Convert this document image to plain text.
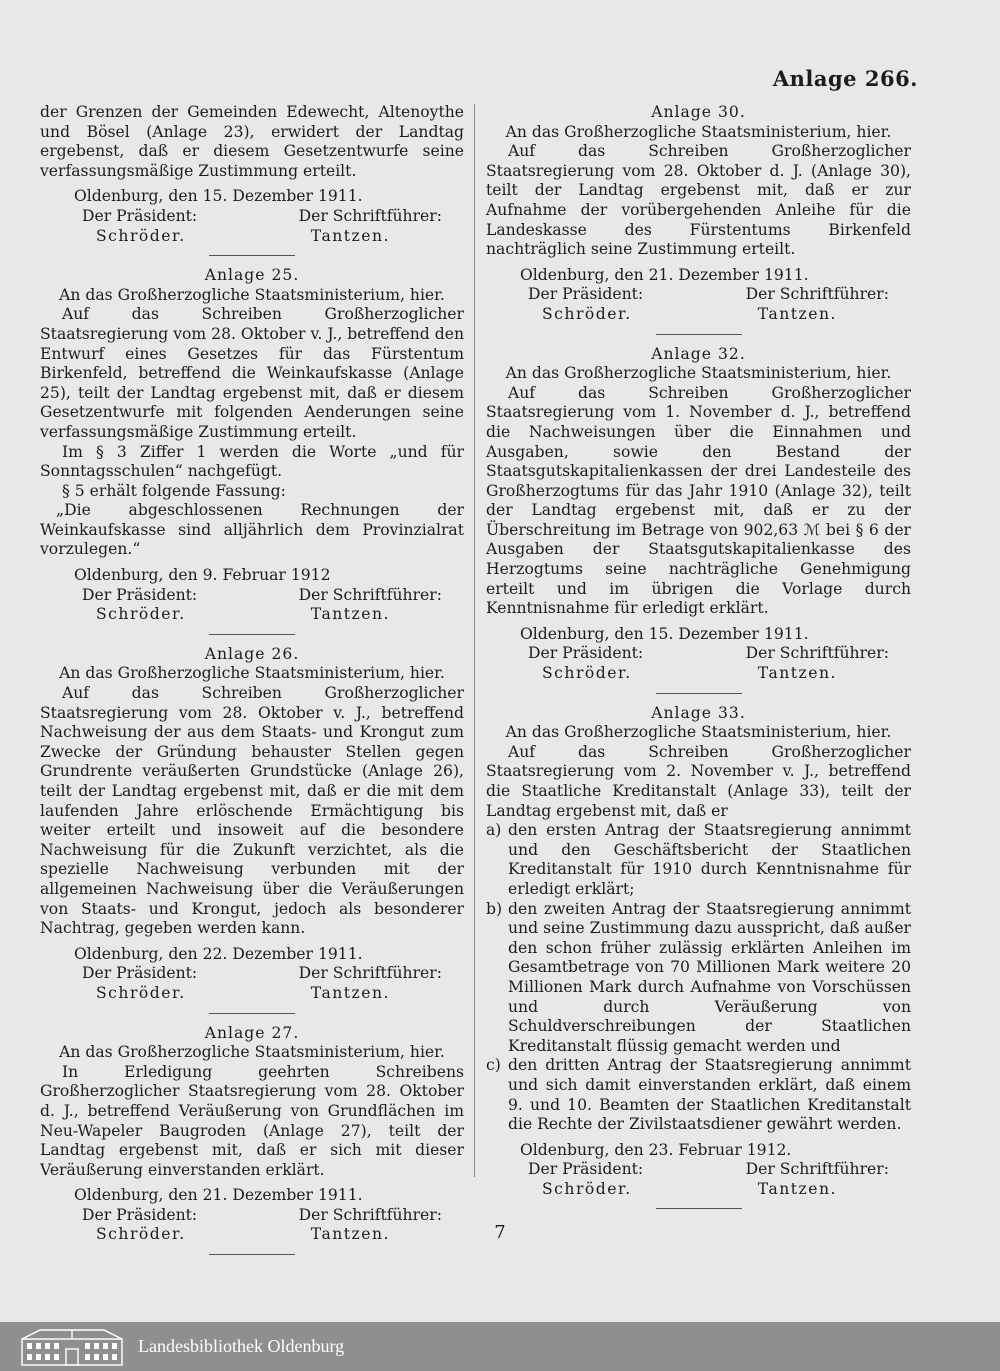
Anlage 266.

der Grenzen der Gemeinden Edewecht, Altenoythe und Bösel (Anlage 23), erwidert der Landtag ergebenst, daß er diesem Gesetzentwurfe seine verfassungsmäßige Zustimmung erteilt.

Oldenburg, den 15. Dezember 1911.

Der Präsident:	Der Schriftführer:
Schröder.	Tantzen.

Anlage 25.

An das Großherzogliche Staatsministerium, hier.

Auf das Schreiben Großherzoglicher Staatsregierung vom 28. Oktober v. J., betreffend den Entwurf eines Gesetzes für das Fürstentum Birkenfeld, betreffend die Weinkaufskasse (Anlage 25), teilt der Landtag ergebenst mit, daß er diesem Gesetzentwurfe mit folgenden Aenderungen seine verfassungsmäßige Zustimmung erteilt.

Im § 3 Ziffer 1 werden die Worte „und für Sonntagsschulen“ nachgefügt.

§ 5 erhält folgende Fassung:

„Die abgeschlossenen Rechnungen der Weinkaufskasse sind alljährlich dem Provinzialrat vorzulegen.“

Oldenburg, den 9. Februar 1912

Der Präsident:	Der Schriftführer:
Schröder.	Tantzen.

Anlage 26.

An das Großherzogliche Staatsministerium, hier.

Auf das Schreiben Großherzoglicher Staatsregierung vom 28. Oktober v. J., betreffend Nachweisung der aus dem Staats- und Krongut zum Zwecke der Gründung behauster Stellen gegen Grundrente veräußerten Grundstücke (Anlage 26), teilt der Landtag ergebenst mit, daß er die mit dem laufenden Jahre erlöschende Ermächtigung bis weiter erteilt und insoweit auf die besondere Nachweisung für die Zukunft verzichtet, als die spezielle Nachweisung verbunden mit der allgemeinen Nachweisung über die Veräußerungen von Staats- und Krongut, jedoch als besonderer Nachtrag, gegeben werden kann.

Oldenburg, den 22. Dezember 1911.

Der Präsident:	Der Schriftführer:
Schröder.	Tantzen.

Anlage 27.

An das Großherzogliche Staatsministerium, hier.

In Erledigung geehrten Schreibens Großherzoglicher Staatsregierung vom 28. Oktober d. J., betreffend Veräußerung von Grundflächen im Neu-Wapeler Baugroden (Anlage 27), teilt der Landtag ergebenst mit, daß er sich mit dieser Veräußerung einverstanden erklärt.

Oldenburg, den 21. Dezember 1911.

Der Präsident:	Der Schriftführer:
Schröder.	Tantzen.

Anlage 30.

An das Großherzogliche Staatsministerium, hier.

Auf das Schreiben Großherzoglicher Staatsregierung vom 28. Oktober d. J. (Anlage 30), teilt der Landtag ergebenst mit, daß er zur Aufnahme der vorübergehenden Anleihe für die Landeskasse des Fürstentums Birkenfeld nachträglich seine Zustimmung erteilt.

Oldenburg, den 21. Dezember 1911.

Der Präsident:	Der Schriftführer:
Schröder.	Tantzen.

Anlage 32.

An das Großherzogliche Staatsministerium, hier.

Auf das Schreiben Großherzoglicher Staatsregierung vom 1. November d. J., betreffend die Nachweisungen über die Einnahmen und Ausgaben, sowie den Bestand der Staatsgutskapitalienkassen der drei Landesteile des Großherzogtums für das Jahr 1910 (Anlage 32), teilt der Landtag ergebenst mit, daß er zu der Überschreitung im Betrage von 902,63 ℳ bei § 6 der Ausgaben der Staatsgutskapitalienkasse des Herzogtums seine nachträgliche Genehmigung erteilt und im übrigen die Vorlage durch Kenntnisnahme für erledigt erklärt.

Oldenburg, den 15. Dezember 1911.

Der Präsident:	Der Schriftführer:
Schröder.	Tantzen.

Anlage 33.

An das Großherzogliche Staatsministerium, hier.

Auf das Schreiben Großherzoglicher Staatsregierung vom 2. November v. J., betreffend die Staatliche Kreditanstalt (Anlage 33), teilt der Landtag ergebenst mit, daß er

a) den ersten Antrag der Staatsregierung annimmt und den Geschäftsbericht der Staatlichen Kreditanstalt für 1910 durch Kenntnisnahme für erledigt erklärt;
b) den zweiten Antrag der Staatsregierung annimmt und seine Zustimmung dazu ausspricht, daß außer den schon früher zulässig erklärten Anleihen im Gesamtbetrage von 70 Millionen Mark weitere 20 Millionen Mark durch Aufnahme von Vorschüssen und durch Veräußerung von Schuldverschreibungen der Staatlichen Kreditanstalt flüssig gemacht werden und
c) den dritten Antrag der Staatsregierung annimmt und sich damit einverstanden erklärt, daß einem 9. und 10. Beamten der Staatlichen Kreditanstalt die Rechte der Zivilstaatsdiener gewährt werden.

Oldenburg, den 23. Februar 1912.

Der Präsident:	Der Schriftführer:
Schröder.	Tantzen.
7
Landesbibliothek Oldenburg
